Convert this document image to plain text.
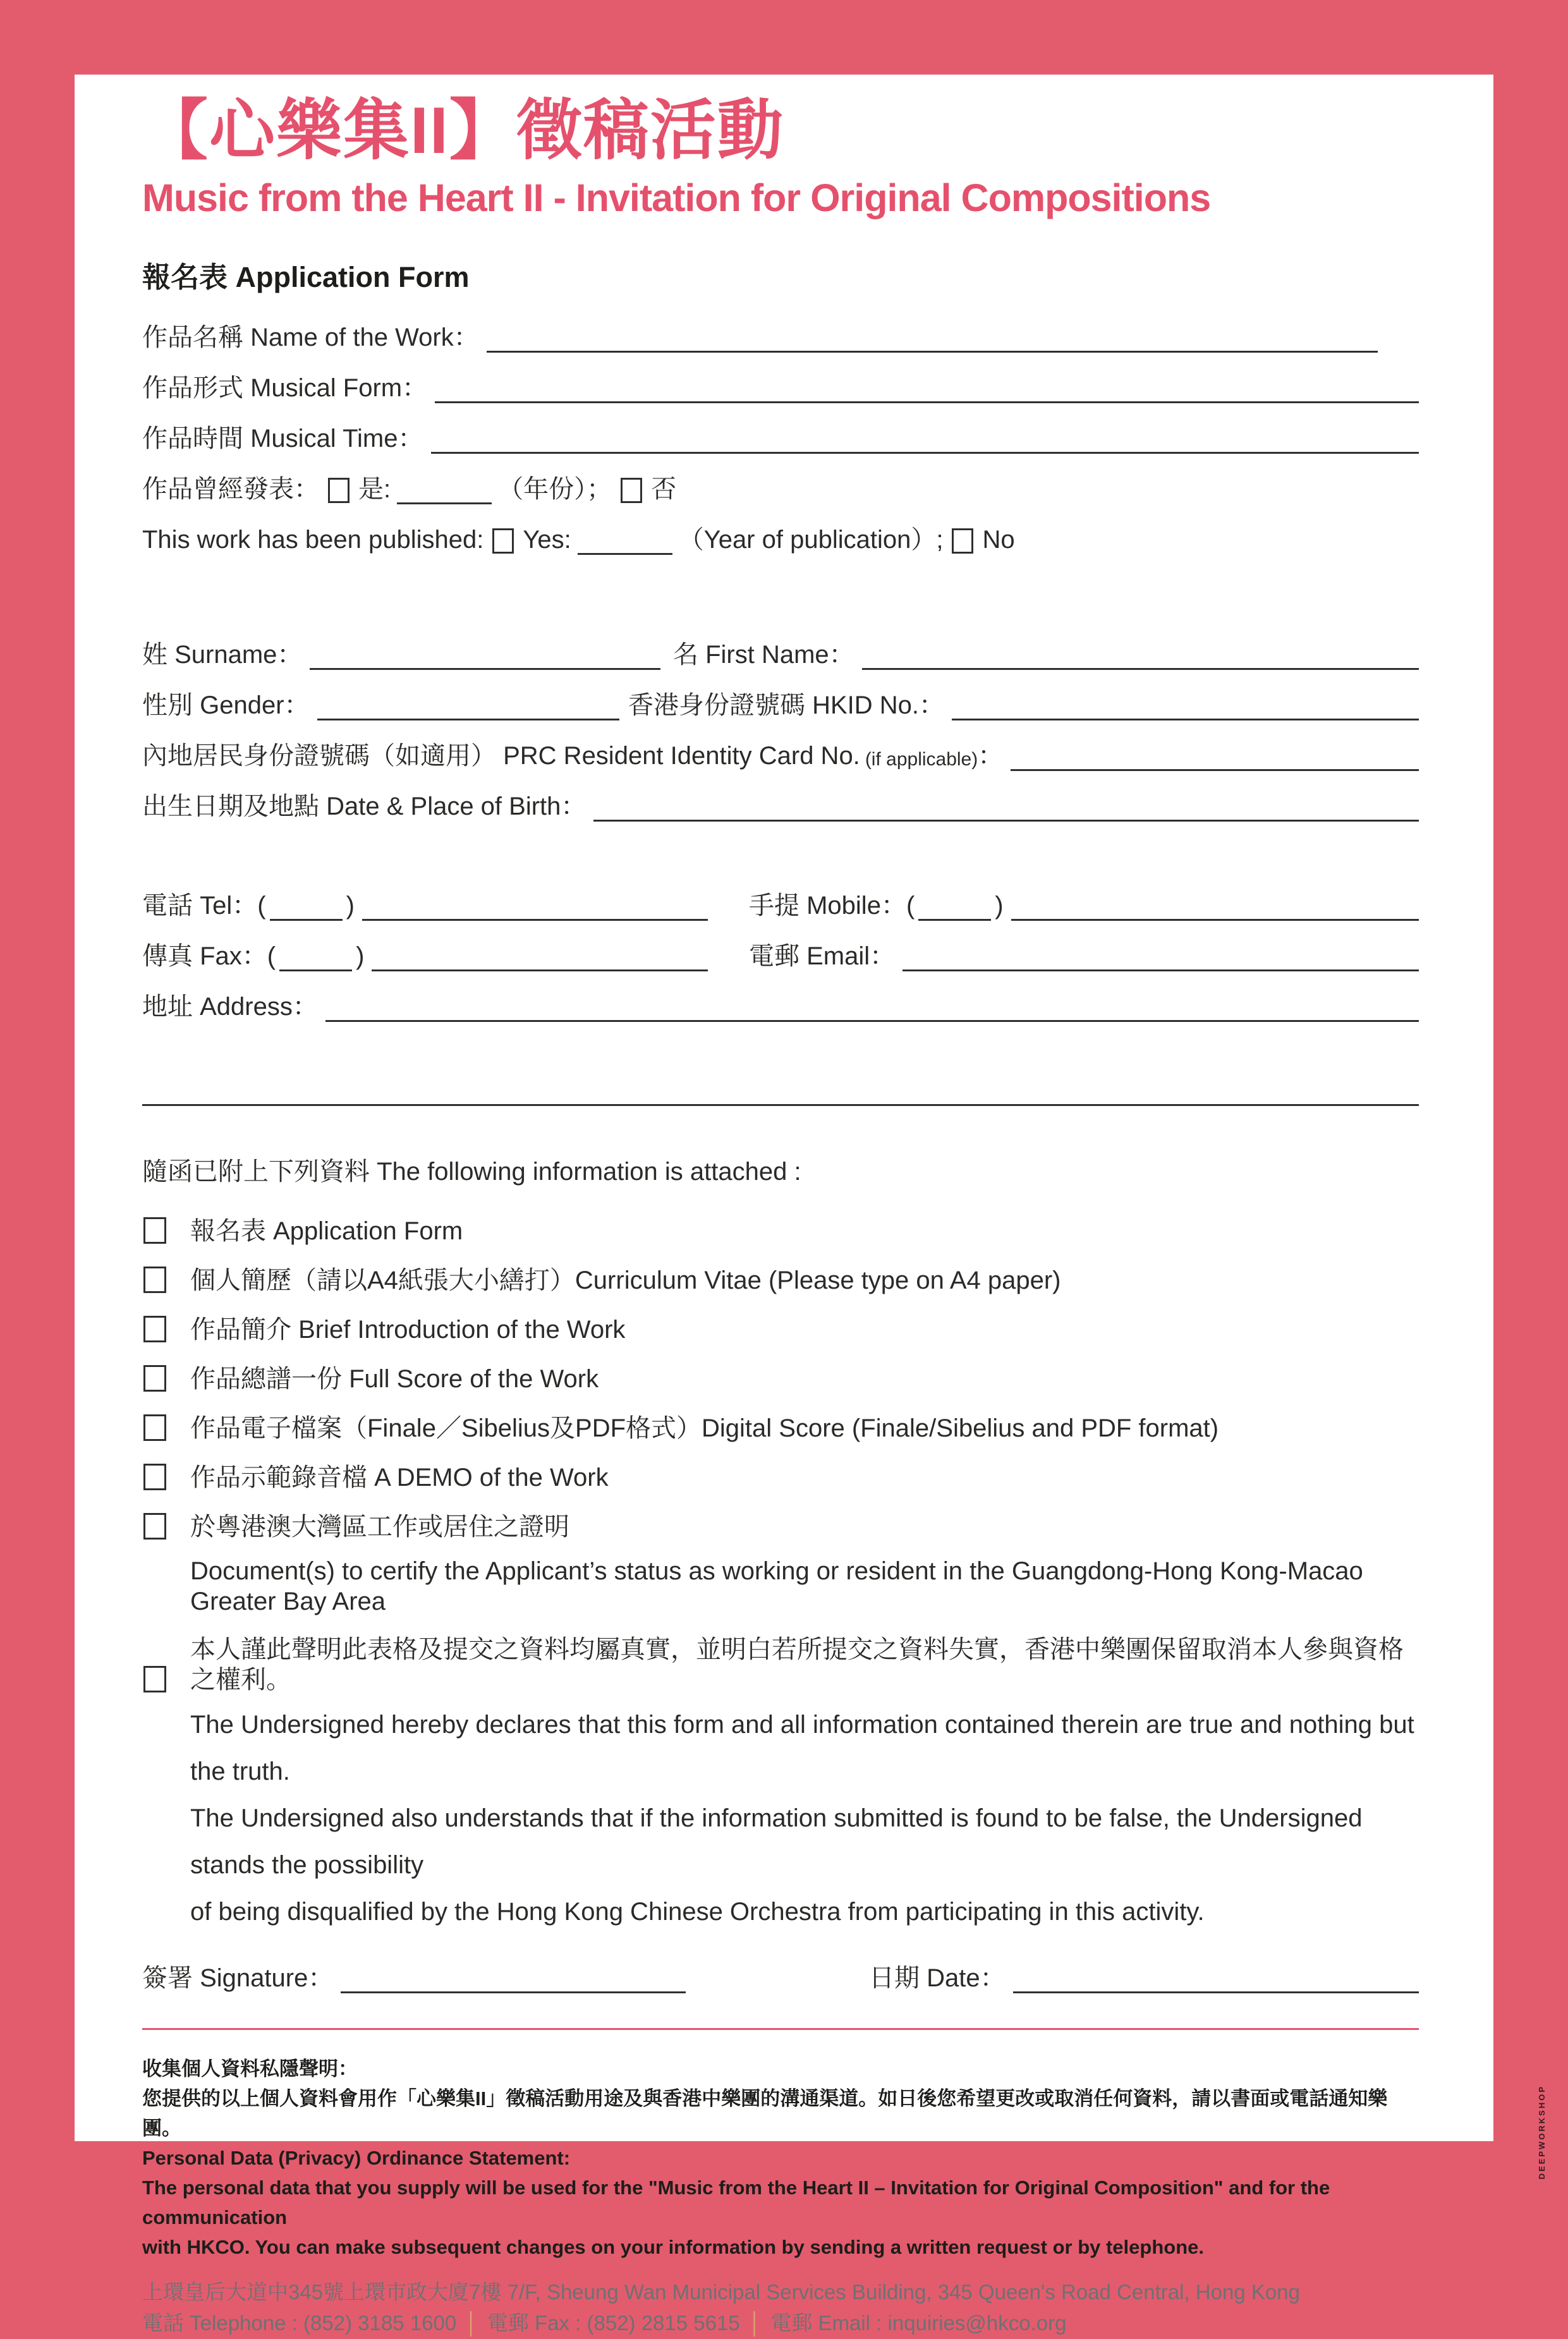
DEEPWORKSHOP
【心樂集II】徵稿活動
Music from the Heart II - Invitation for Original Compositions
報名表 Application Form
作品名稱 Name of the Work：
作品形式 Musical Form：
作品時間 Musical Time：
作品曾經發表： 是:	（年份）； 否
This work has been published: Yes:	（Year of publication）; No
姓 Surname：	名 First Name：
性別 Gender：	香港身份證號碼 HKID No.：
內地居民身份證號碼（如適用） PRC Resident Identity Card No. (if applicable) ：
出生日期及地點 Date & Place of Birth：
電話 Tel：(	)	手提 Mobile：(	)
傳真 Fax：(	)	電郵 Email：
地址 Address：

隨函已附上下列資料 The following information is attached :

報名表 Application Form
個人簡歷（請以A4紙張大小繕打）Curriculum Vitae (Please type on A4 paper)
作品簡介 Brief Introduction of the Work
作品總譜一份 Full Score of the Work
作品電子檔案（Finale／Sibelius及PDF格式）Digital Score (Finale/Sibelius and PDF format)
作品示範錄音檔 A DEMO of the Work
於粵港澳大灣區工作或居住之證明

Document(s) to certify the Applicant’s status as working or resident in the Guangdong-Hong Kong-Macao Greater Bay Area

本人謹此聲明此表格及提交之資料均屬真實，並明白若所提交之資料失實，香港中樂團保留取消本人參與資格之權利。
The Undersigned hereby declares that this form and all information contained therein are true and nothing but the truth.
The Undersigned also understands that if the information submitted is found to be false, the Undersigned stands the possibility
of being disqualified by the Hong Kong Chinese Orchestra from participating in this activity.
簽署 Signature：	日期 Date：

收集個人資料私隱聲明：

您提供的以上個人資料會用作「心樂集II」徵稿活動用途及與香港中樂團的溝通渠道。如日後您希望更改或取消任何資料，請以書面或電話通知樂團。

Personal Data (Privacy) Ordinance Statement:

The personal data that you supply will be used for the "Music from the Heart II – Invitation for Original Composition" and for the communication

with HKCO. You can make subsequent changes on your information by sending a written request or by telephone.

上環皇后大道中345號上環市政大廈7樓 7/F, Sheung Wan Municipal Services Building, 345 Queen's Road Central, Hong Kong

電話 Telephone : (852) 3185 1600 │ 電郵 Fax : (852) 2815 5615 │ 電郵 Email : inquiries@hkco.org
